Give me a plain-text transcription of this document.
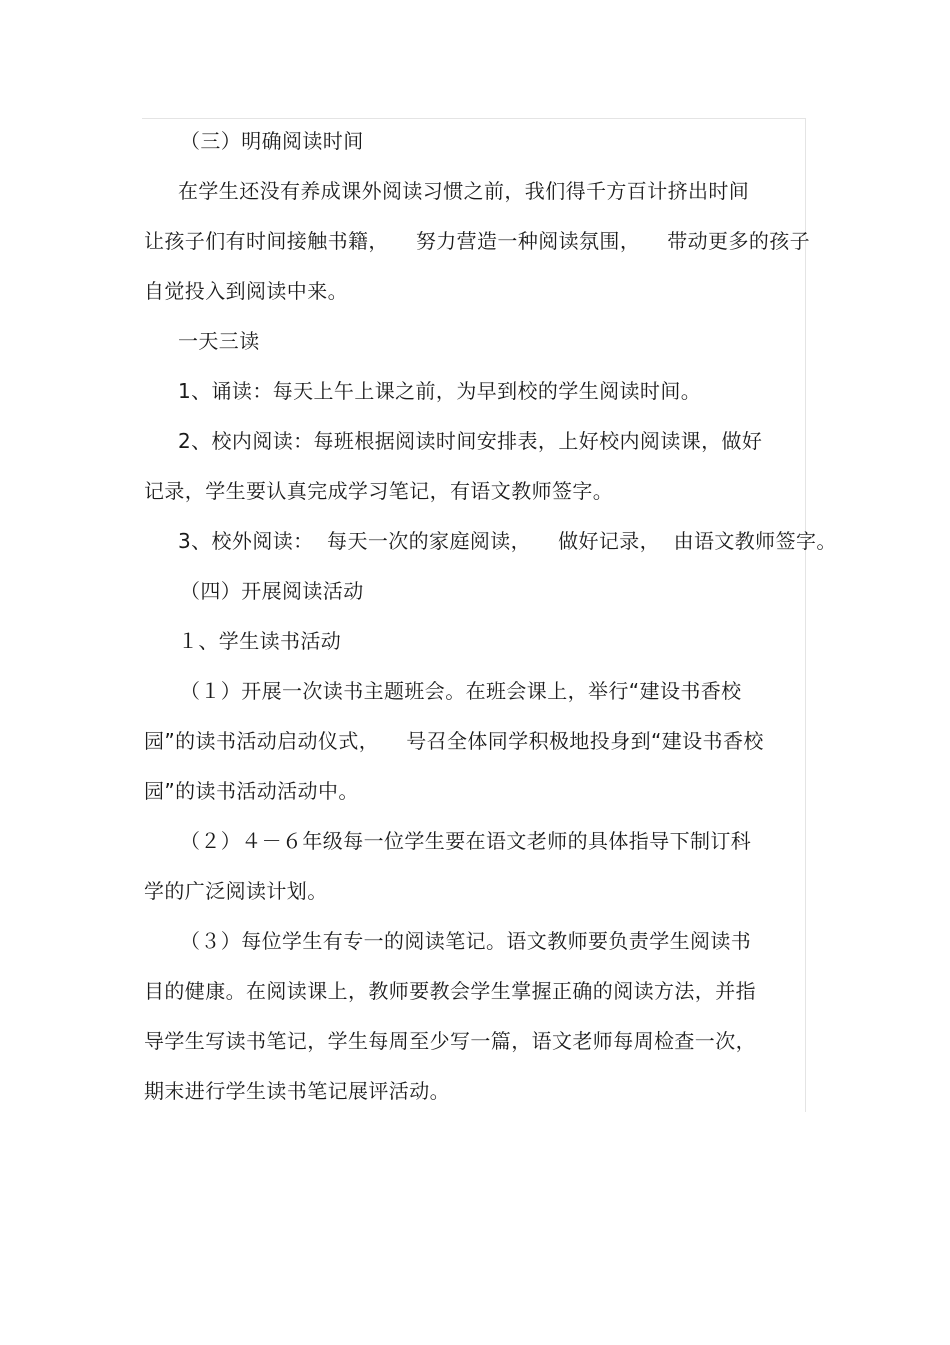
（三）明确阅读时间
在学生还没有养成课外阅读习惯之前，我们得千方百计挤出时间
让孩子们有时间接触书籍，    努力营造一种阅读氛围，    带动更多的孩子
自觉投入到阅读中来。
一天三读
1、诵读：每天上午上课之前，为早到校的学生阅读时间。
2、校内阅读：每班根据阅读时间安排表，上好校内阅读课，做好
记录，学生要认真完成学习笔记，有语文教师签字。
3、校外阅读：  每天一次的家庭阅读，    做好记录，  由语文教师签字。
（四）开展阅读活动
１、学生读书活动
（１）开展一次读书主题班会。在班会课上，举行“建设书香校
园”的读书活动启动仪式，    号召全体同学积极地投身到“建设书香校
园”的读书活动活动中。
（２）４－６年级每一位学生要在语文老师的具体指导下制订科
学的广泛阅读计划。
（３）每位学生有专一的阅读笔记。语文教师要负责学生阅读书
目的健康。在阅读课上，教师要教会学生掌握正确的阅读方法，并指
导学生写读书笔记，学生每周至少写一篇，语文老师每周检查一次，
期末进行学生读书笔记展评活动。
